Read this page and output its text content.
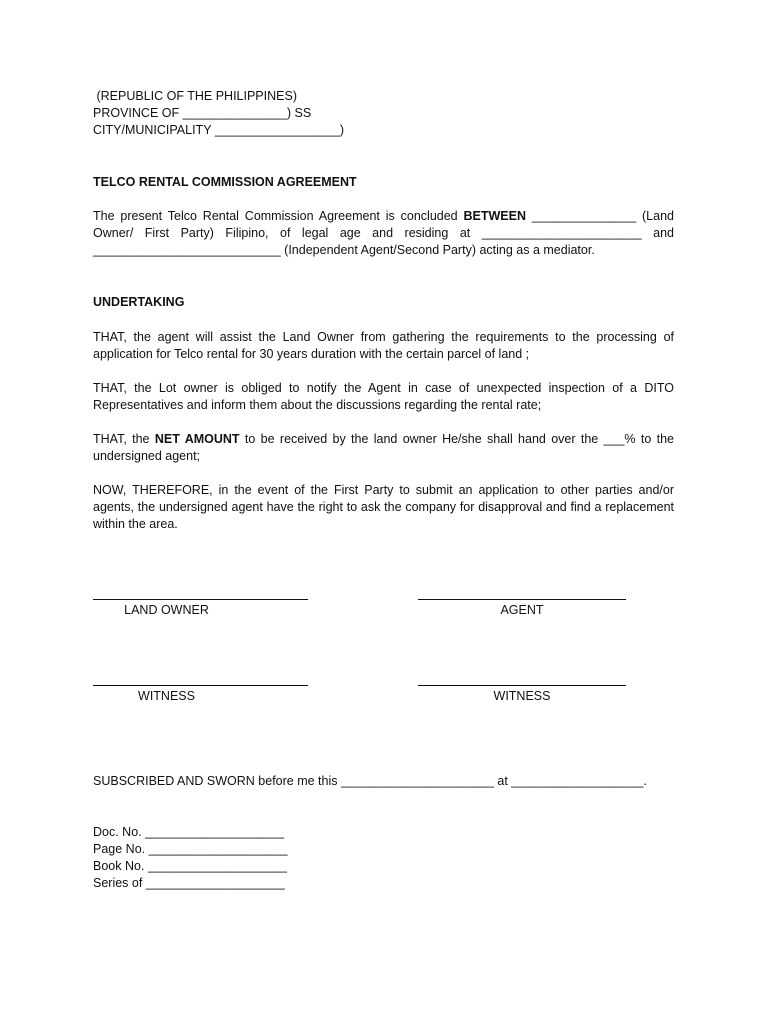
(REPUBLIC OF THE PHILIPPINES)
PROVINCE OF _______________) SS
CITY/MUNICIPALITY __________________)
TELCO RENTAL COMMISSION AGREEMENT
The present Telco Rental Commission Agreement is concluded BETWEEN _______________ (Land Owner/ First Party) Filipino, of legal age and residing at _______________________ and ___________________________ (Independent Agent/Second Party) acting as a mediator.
UNDERTAKING
THAT, the agent will assist the Land Owner from gathering the requirements to the processing of application for Telco rental for 30 years duration with the certain parcel of land ;
THAT, the Lot owner is obliged to notify the Agent in case of unexpected inspection of a DITO Representatives and inform them about the discussions regarding the rental rate;
THAT, the NET AMOUNT to be received by the land owner He/she shall hand over the ___% to the undersigned agent;
NOW, THEREFORE, in the event of the First Party to submit an application to other parties and/or agents, the undersigned agent have the right to ask the company for disapproval and find a replacement within the area.
LAND OWNER	AGENT
WITNESS	WITNESS
SUBSCRIBED AND SWORN before me this ______________________ at ___________________.
Doc. No. ____________________
Page No. ____________________
Book No. ____________________
Series of ____________________
